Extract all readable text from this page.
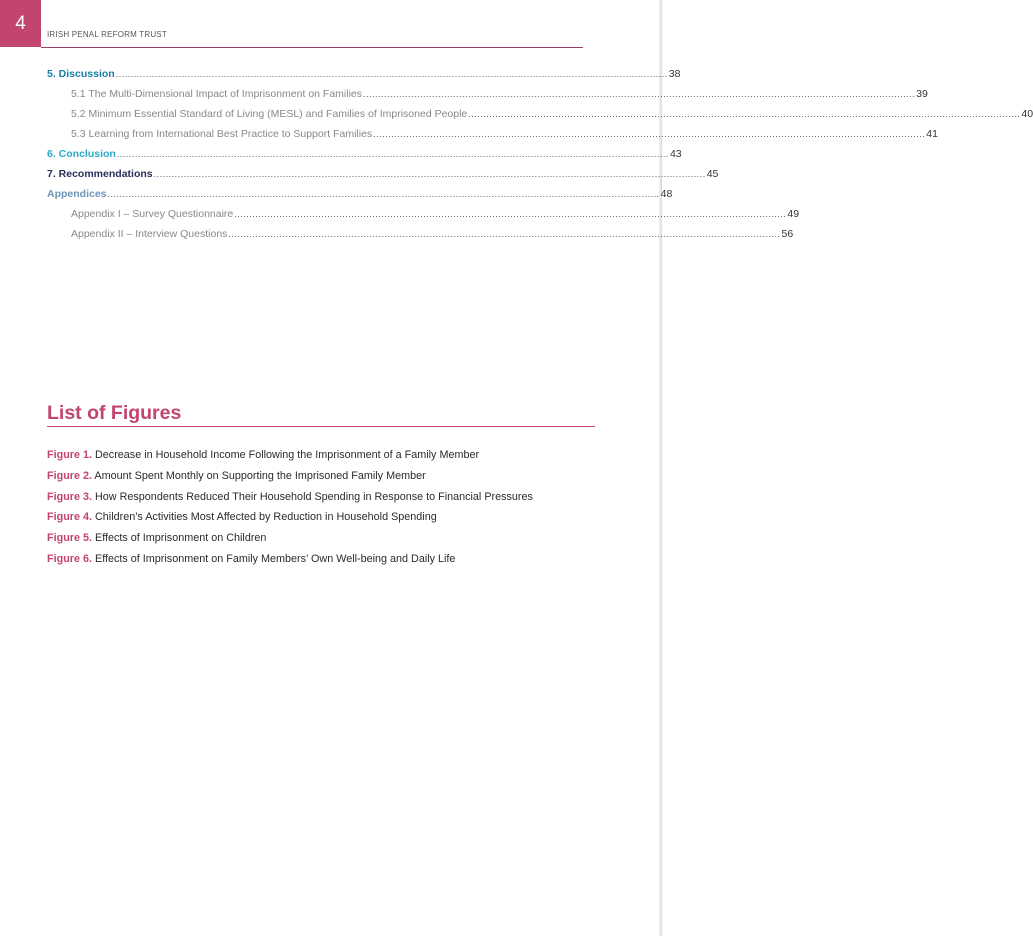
4
IRISH PENAL REFORM TRUST
5. Discussion ........................................................................................................................................................................................ 38
5.1 The Multi-Dimensional Impact of Imprisonment on Families ........................................................................................................................................................................................ 39
5.2 Minimum Essential Standard of Living (MESL) and Families of Imprisoned People ........................................................................................................................................................................................ 40
5.3 Learning from International Best Practice to Support Families ........................................................................................................................................................................................ 41
6. Conclusion ........................................................................................................................................................................................ 43
7. Recommendations ........................................................................................................................................................................................ 45
Appendices ........................................................................................................................................................................................ 48
Appendix I – Survey Questionnaire ........................................................................................................................................................................................ 49
Appendix II – Interview Questions ........................................................................................................................................................................................ 56
List of Figures
Figure 1. Decrease in Household Income Following the Imprisonment of a Family Member
Figure 2. Amount Spent Monthly on Supporting the Imprisoned Family Member
Figure 3. How Respondents Reduced Their Household Spending in Response to Financial Pressures
Figure 4. Children’s Activities Most Affected by Reduction in Household Spending
Figure 5. Effects of Imprisonment on Children
Figure 6. Effects of Imprisonment on Family Members’ Own Well-being and Daily Life
